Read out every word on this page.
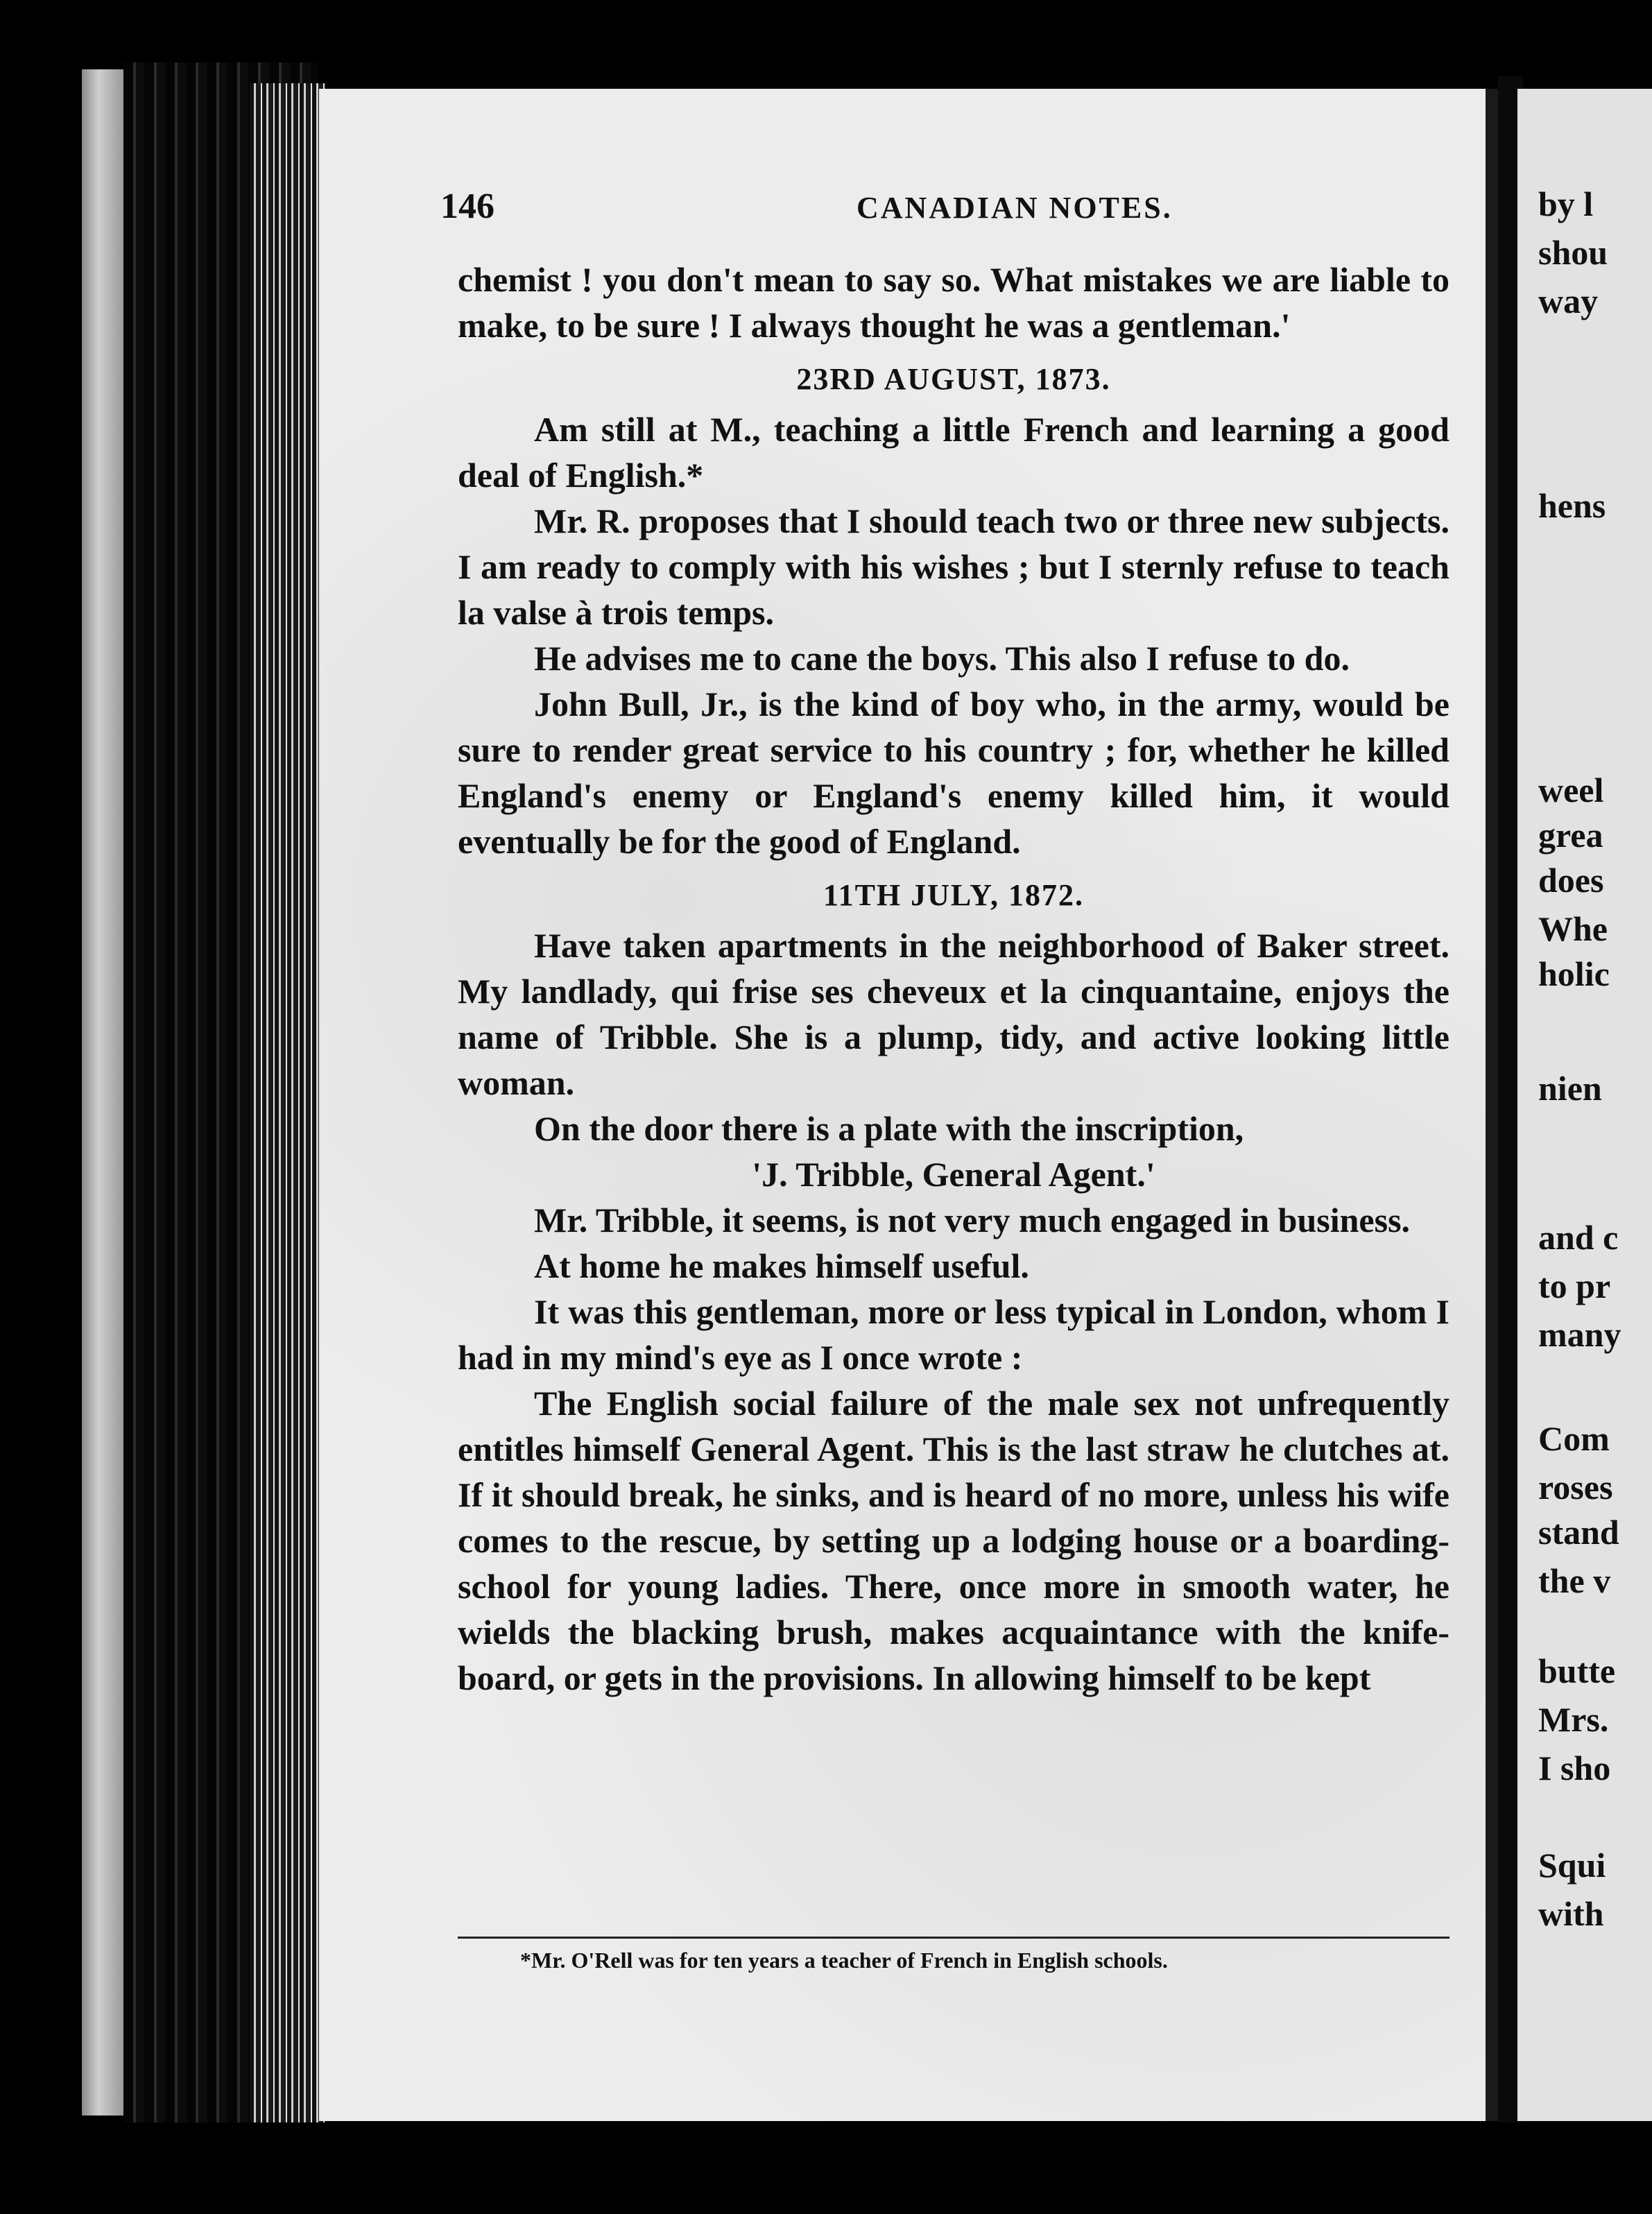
146	CANADIAN NOTES.

chemist ! you don't mean to say so. What mistakes we are liable to make, to be sure ! I always thought he was a gentleman.'

23RD AUGUST, 1873.

Am still at M., teaching a little French and learning a good deal of English.*

Mr. R. proposes that I should teach two or three new subjects. I am ready to comply with his wishes ; but I sternly refuse to teach la valse à trois temps.

He advises me to cane the boys. This also I refuse to do.

John Bull, Jr., is the kind of boy who, in the army, would be sure to render great service to his country ; for, whether he killed England's enemy or England's enemy killed him, it would eventually be for the good of England.

11TH JULY, 1872.

Have taken apartments in the neighborhood of Baker street. My landlady, qui frise ses cheveux et la cinquantaine, enjoys the name of Tribble. She is a plump, tidy, and active looking little woman.

On the door there is a plate with the inscription,

'J. Tribble, General Agent.'

Mr. Tribble, it seems, is not very much engaged in business.

At home he makes himself useful.

It was this gentleman, more or less typical in London, whom I had in my mind's eye as I once wrote :

The English social failure of the male sex not unfrequently entitles himself General Agent. This is the last straw he clutches at. If it should break, he sinks, and is heard of no more, unless his wife comes to the rescue, by setting up a lodging house or a boarding-school for young ladies. There, once more in smooth water, he wields the blacking brush, makes acquaintance with the knife-board, or gets in the provisions. In allowing himself to be kept

*Mr. O'Rell was for ten years a teacher of French in English schools.
by l
shou
way
hens
weel
grea
does
Whe
holic
nien
and c
to pr
many
Com
roses
stand
the v
butte
Mrs.
I sho
Squi
with
